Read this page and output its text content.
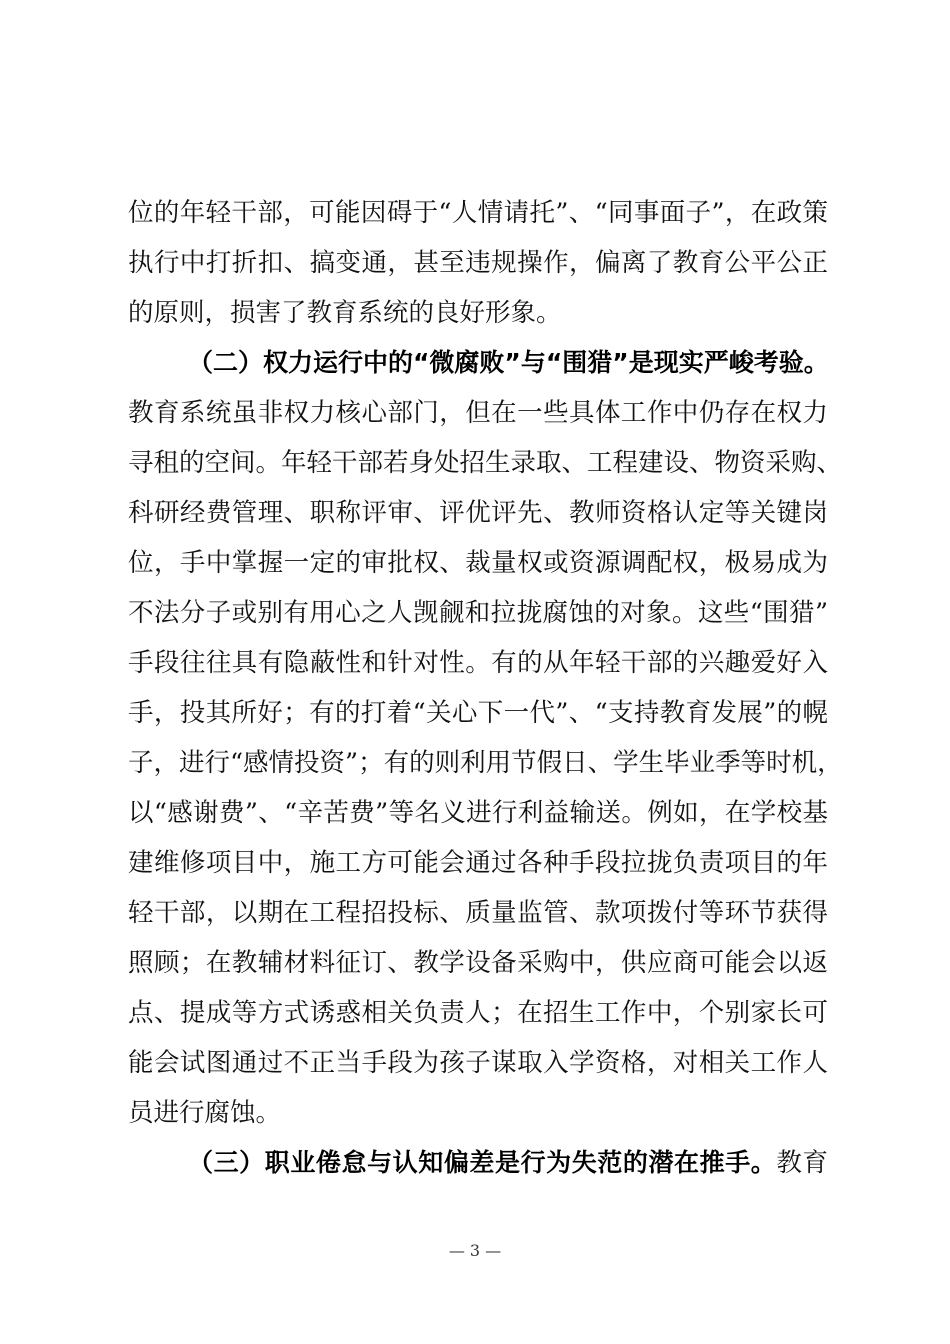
位的年轻干部，可能因碍于“人情请托”、“同事面子”，在政策
执行中打折扣、搞变通，甚至违规操作，偏离了教育公平公正
的原则，损害了教育系统的良好形象。
（二）权力运行中的“微腐败”与“围猎”是现实严峻考验。
教育系统虽非权力核心部门，但在一些具体工作中仍存在权力
寻租的空间。年轻干部若身处招生录取、工程建设、物资采购、
科研经费管理、职称评审、评优评先、教师资格认定等关键岗
位，手中掌握一定的审批权、裁量权或资源调配权，极易成为
不法分子或别有用心之人觊觎和拉拢腐蚀的对象。这些“围猎”
手段往往具有隐蔽性和针对性。有的从年轻干部的兴趣爱好入
手，投其所好；有的打着“关心下一代”、“支持教育发展”的幌
子，进行“感情投资”；有的则利用节假日、学生毕业季等时机，
以“感谢费”、“辛苦费”等名义进行利益输送。例如，在学校基
建维修项目中，施工方可能会通过各种手段拉拢负责项目的年
轻干部，以期在工程招投标、质量监管、款项拨付等环节获得
照顾；在教辅材料征订、教学设备采购中，供应商可能会以返
点、提成等方式诱惑相关负责人；在招生工作中，个别家长可
能会试图通过不正当手段为孩子谋取入学资格，对相关工作人
员进行腐蚀。
（三）职业倦怠与认知偏差是行为失范的潜在推手。教育
— 3 —
